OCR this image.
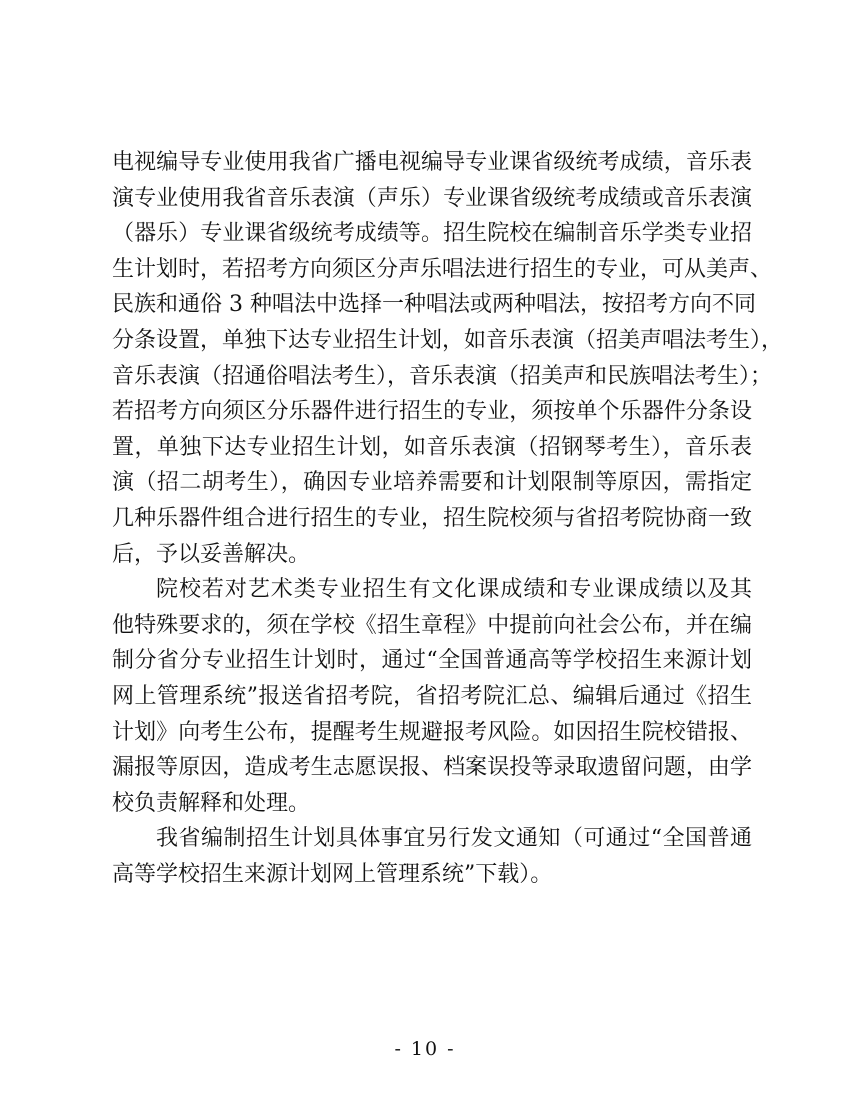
电视编导专业使用我省广播电视编导专业课省级统考成绩，音乐表
演专业使用我省音乐表演（声乐）专业课省级统考成绩或音乐表演
（器乐）专业课省级统考成绩等。招生院校在编制音乐学类专业招
生计划时，若招考方向须区分声乐唱法进行招生的专业，可从美声、
民族和通俗 3 种唱法中选择一种唱法或两种唱法，按招考方向不同
分条设置，单独下达专业招生计划，如音乐表演（招美声唱法考生），
音乐表演（招通俗唱法考生），音乐表演（招美声和民族唱法考生）；
若招考方向须区分乐器件进行招生的专业，须按单个乐器件分条设
置，单独下达专业招生计划，如音乐表演（招钢琴考生），音乐表
演（招二胡考生），确因专业培养需要和计划限制等原因，需指定
几种乐器件组合进行招生的专业，招生院校须与省招考院协商一致
后，予以妥善解决。
院校若对艺术类专业招生有文化课成绩和专业课成绩以及其
他特殊要求的，须在学校《招生章程》中提前向社会公布，并在编
制分省分专业招生计划时，通过“全国普通高等学校招生来源计划
网上管理系统”报送省招考院，省招考院汇总、编辑后通过《招生
计划》向考生公布，提醒考生规避报考风险。如因招生院校错报、
漏报等原因，造成考生志愿误报、档案误投等录取遗留问题，由学
校负责解释和处理。
我省编制招生计划具体事宜另行发文通知（可通过“全国普通
高等学校招生来源计划网上管理系统”下载）。
- 10 -
